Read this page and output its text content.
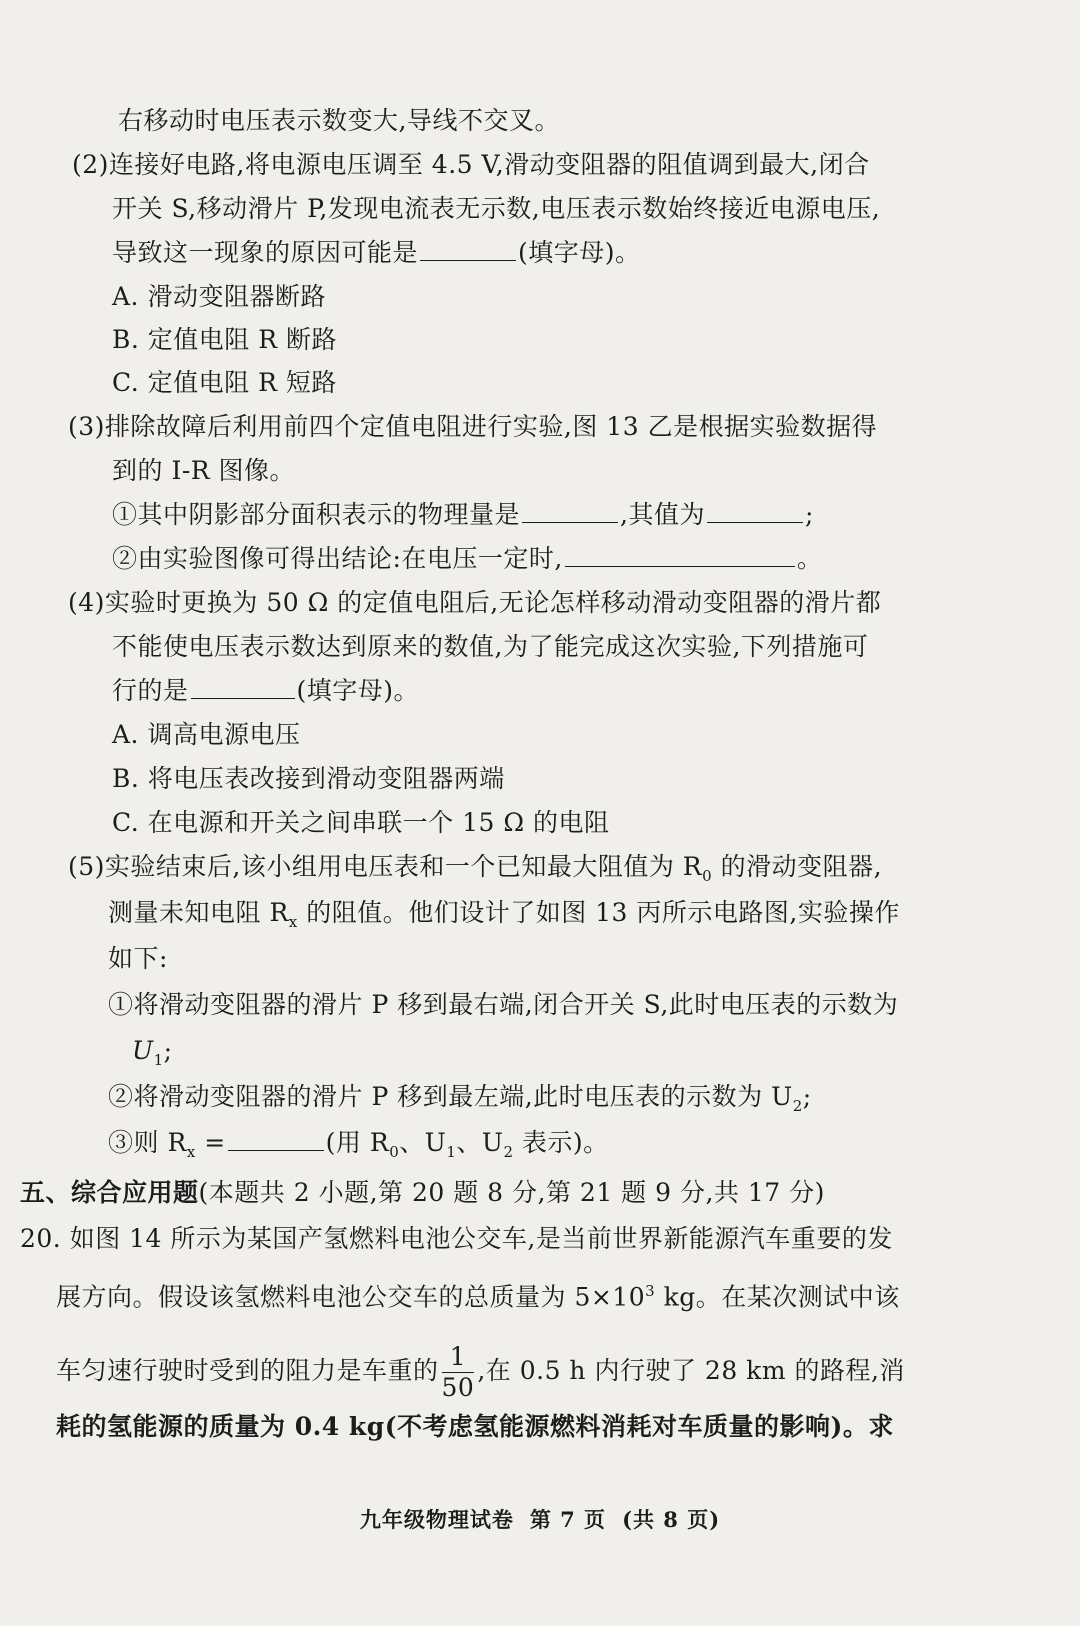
右移动时电压表示数变大,导线不交叉。
(2)连接好电路,将电源电压调至 4.5 V,滑动变阻器的阻值调到最大,闭合
开关 S,移动滑片 P,发现电流表无示数,电压表示数始终接近电源电压,
导致这一现象的原因可能是	(填字母)。
A. 滑动变阻器断路
B. 定值电阻 R 断路
C. 定值电阻 R 短路
(3)排除故障后利用前四个定值电阻进行实验,图 13 乙是根据实验数据得
到的 I-R 图像。
①其中阴影部分面积表示的物理量是	,其值为	;
②由实验图像可得出结论:在电压一定时,	。
(4)实验时更换为 50 Ω 的定值电阻后,无论怎样移动滑动变阻器的滑片都
不能使电压表示数达到原来的数值,为了能完成这次实验,下列措施可
行的是	(填字母)。
A. 调高电源电压
B. 将电压表改接到滑动变阻器两端
C. 在电源和开关之间串联一个 15 Ω 的电阻
(5)实验结束后,该小组用电压表和一个已知最大阻值为 $R_0$ 的滑动变阻器,
测量未知电阻 $R_x$ 的阻值。他们设计了如图 13 丙所示电路图,实验操作
如下:
①将滑动变阻器的滑片 P 移到最右端,闭合开关 S,此时电压表的示数为
$U_1$;
②将滑动变阻器的滑片 P 移到最左端,此时电压表的示数为 $U_2$;
③则 $R_x$ =	(用 $R_0$、$U_1$、$U_2$ 表示)。
五、综合应用题(本题共 2 小题,第 20 题 8 分,第 21 题 9 分,共 17 分)
20. 如图 14 所示为某国产氢燃料电池公交车,是当前世界新能源汽车重要的发
展方向。假设该氢燃料电池公交车的总质量为 $5\times 10^3$ kg。在某次测试中该
车匀速行驶时受到的阻力是车重的 $\frac{1}{50}$ ,在 0.5 h 内行驶了 28 km 的路程,消
耗的氢能源的质量为 0.4 kg(不考虑氢能源燃料消耗对车质量的影响)。求
九年级物理试卷 第 7 页 (共 8 页)
